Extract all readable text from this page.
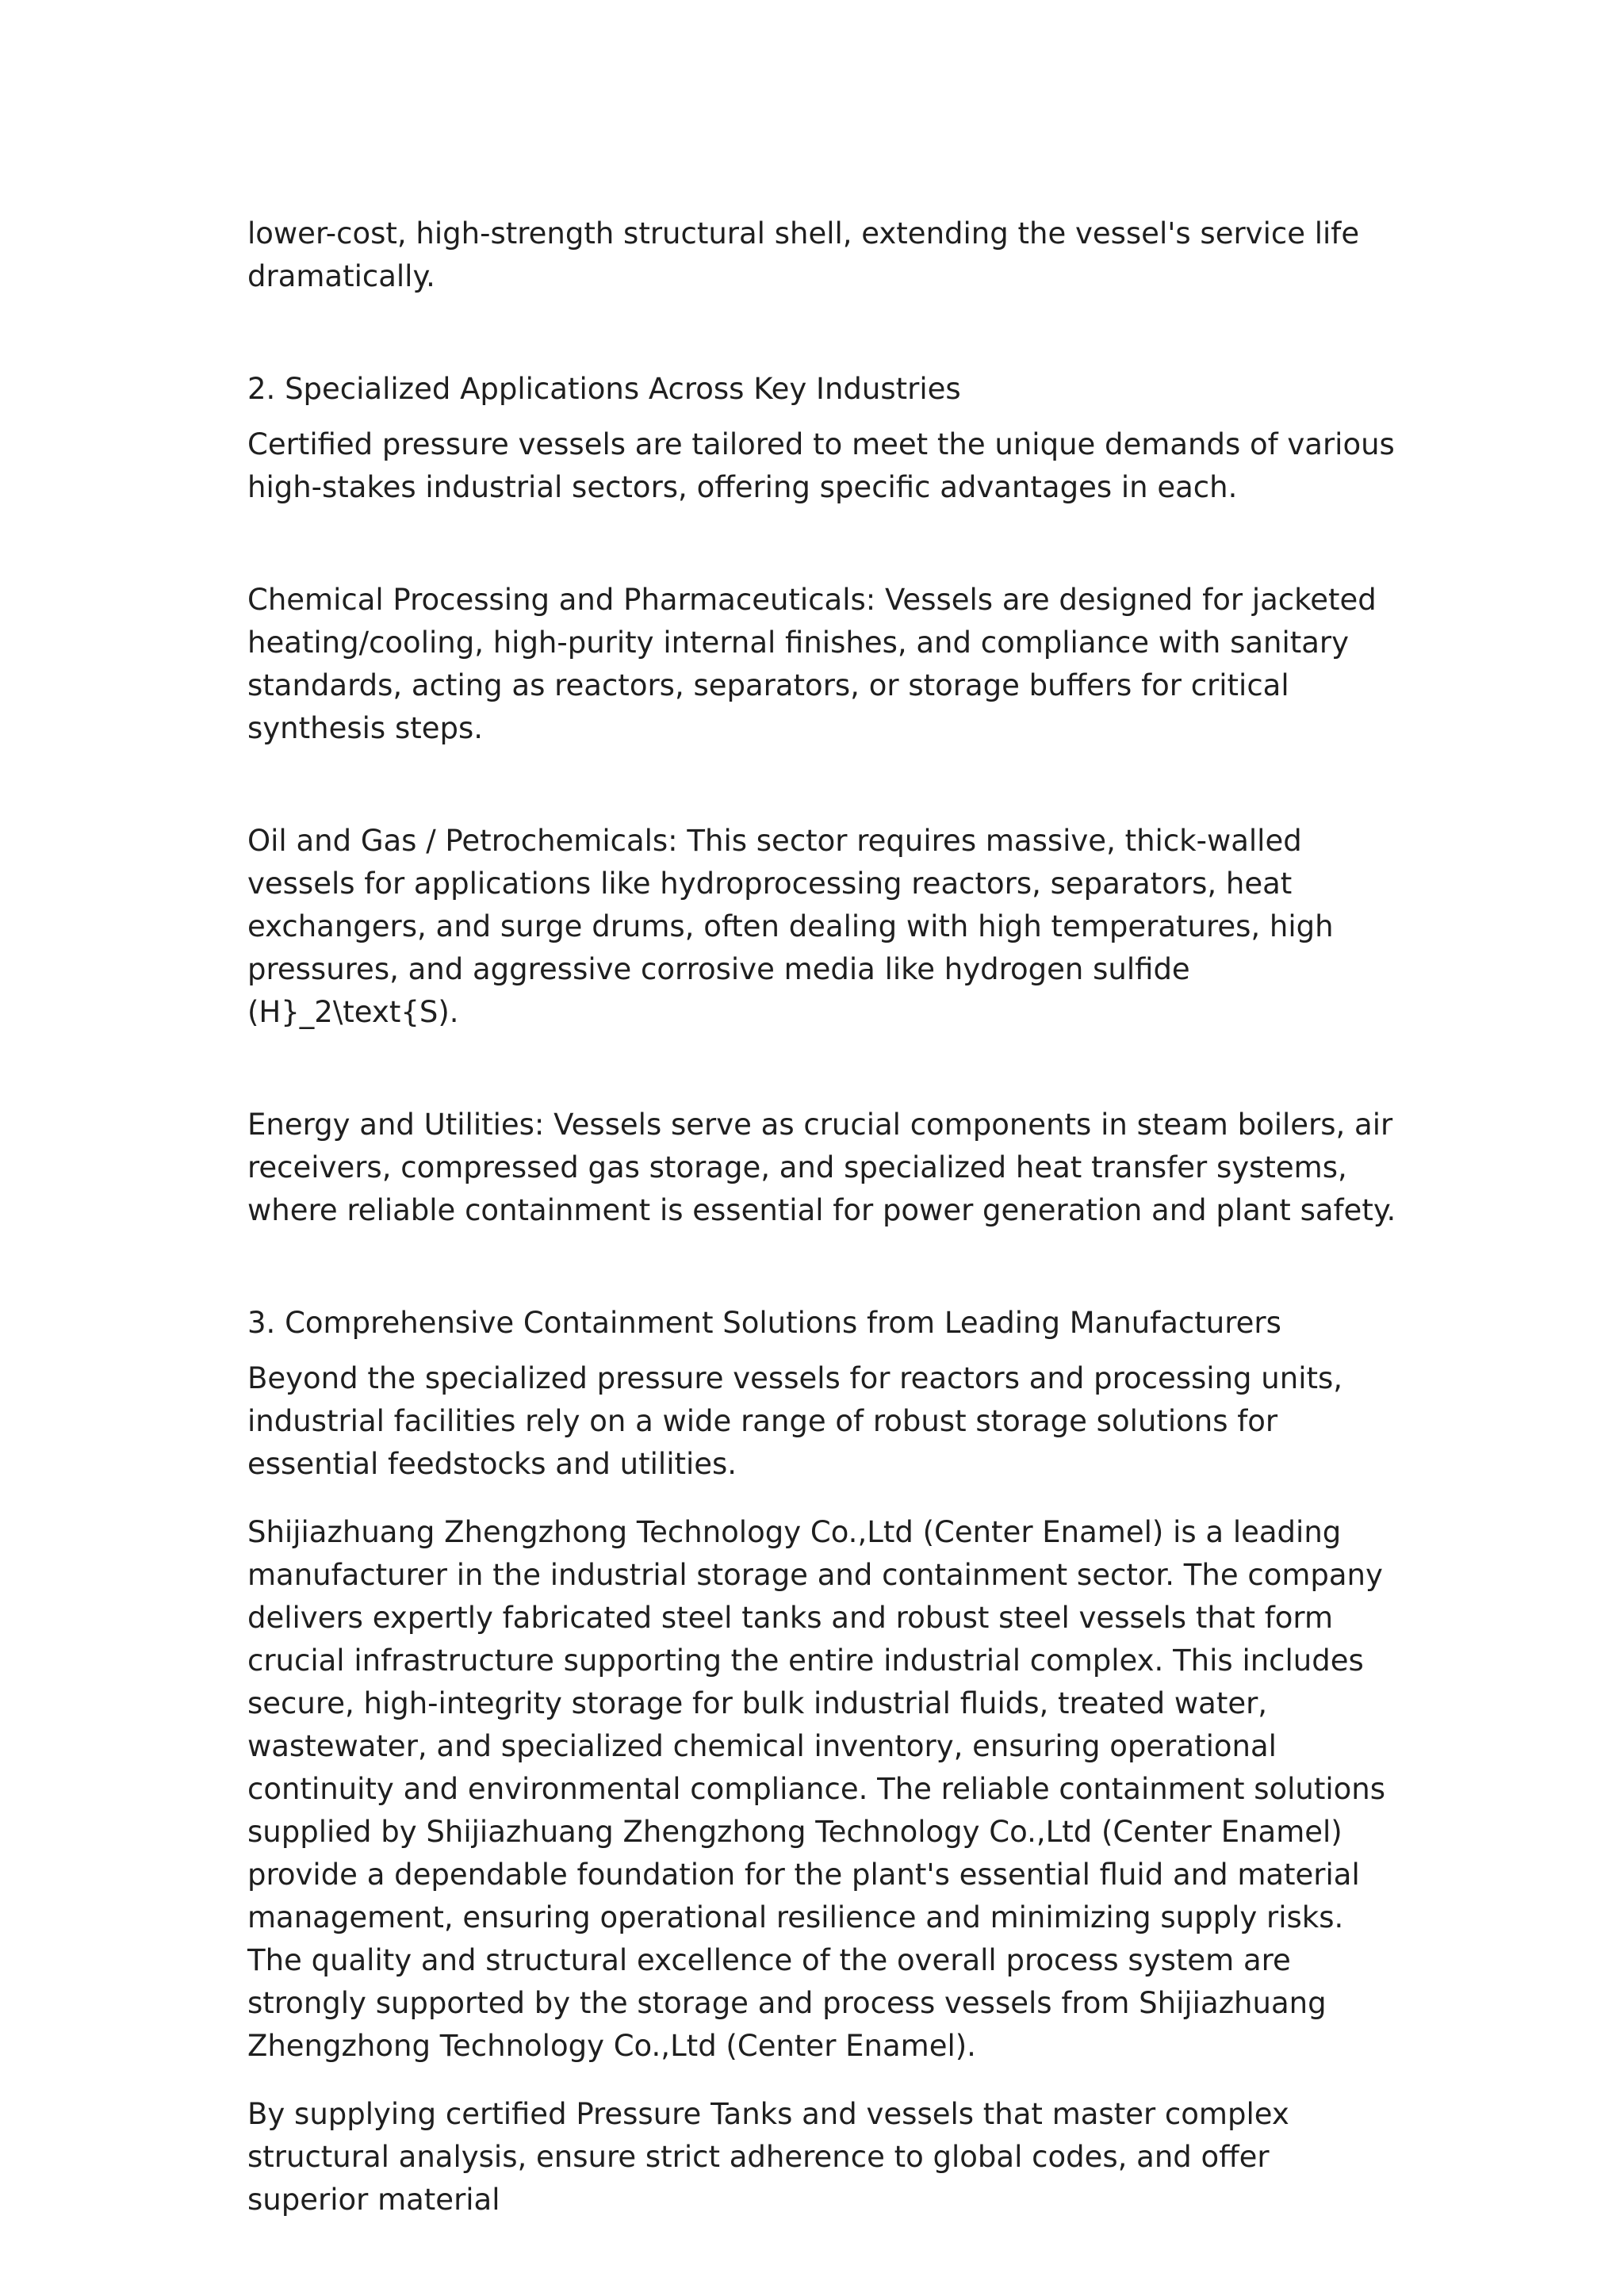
lower-cost, high-strength structural shell, extending the vessel's service life dramatically.

2. Specialized Applications Across Key Industries

Certified pressure vessels are tailored to meet the unique demands of various high-stakes industrial sectors, offering specific advantages in each.

Chemical Processing and Pharmaceuticals: Vessels are designed for jacketed heating/cooling, high-purity internal finishes, and compliance with sanitary standards, acting as reactors, separators, or storage buffers for critical synthesis steps.

Oil and Gas / Petrochemicals: This sector requires massive, thick-walled vessels for applications like hydroprocessing reactors, separators, heat exchangers, and surge drums, often dealing with high temperatures, high pressures, and aggressive corrosive media like hydrogen sulfide (H}_2\text{S).

Energy and Utilities: Vessels serve as crucial components in steam boilers, air receivers, compressed gas storage, and specialized heat transfer systems, where reliable containment is essential for power generation and plant safety.

3. Comprehensive Containment Solutions from Leading Manufacturers

Beyond the specialized pressure vessels for reactors and processing units, industrial facilities rely on a wide range of robust storage solutions for essential feedstocks and utilities.

Shijiazhuang Zhengzhong Technology Co.,Ltd (Center Enamel) is a leading manufacturer in the industrial storage and containment sector. The company delivers expertly fabricated steel tanks and robust steel vessels that form crucial infrastructure supporting the entire industrial complex. This includes secure, high-integrity storage for bulk industrial fluids, treated water, wastewater, and specialized chemical inventory, ensuring operational continuity and environmental compliance. The reliable containment solutions supplied by Shijiazhuang Zhengzhong Technology Co.,Ltd (Center Enamel) provide a dependable foundation for the plant's essential fluid and material management, ensuring operational resilience and minimizing supply risks. The quality and structural excellence of the overall process system are strongly supported by the storage and process vessels from Shijiazhuang Zhengzhong Technology Co.,Ltd (Center Enamel).

By supplying certified Pressure Tanks and vessels that master complex structural analysis, ensure strict adherence to global codes, and offer superior material
